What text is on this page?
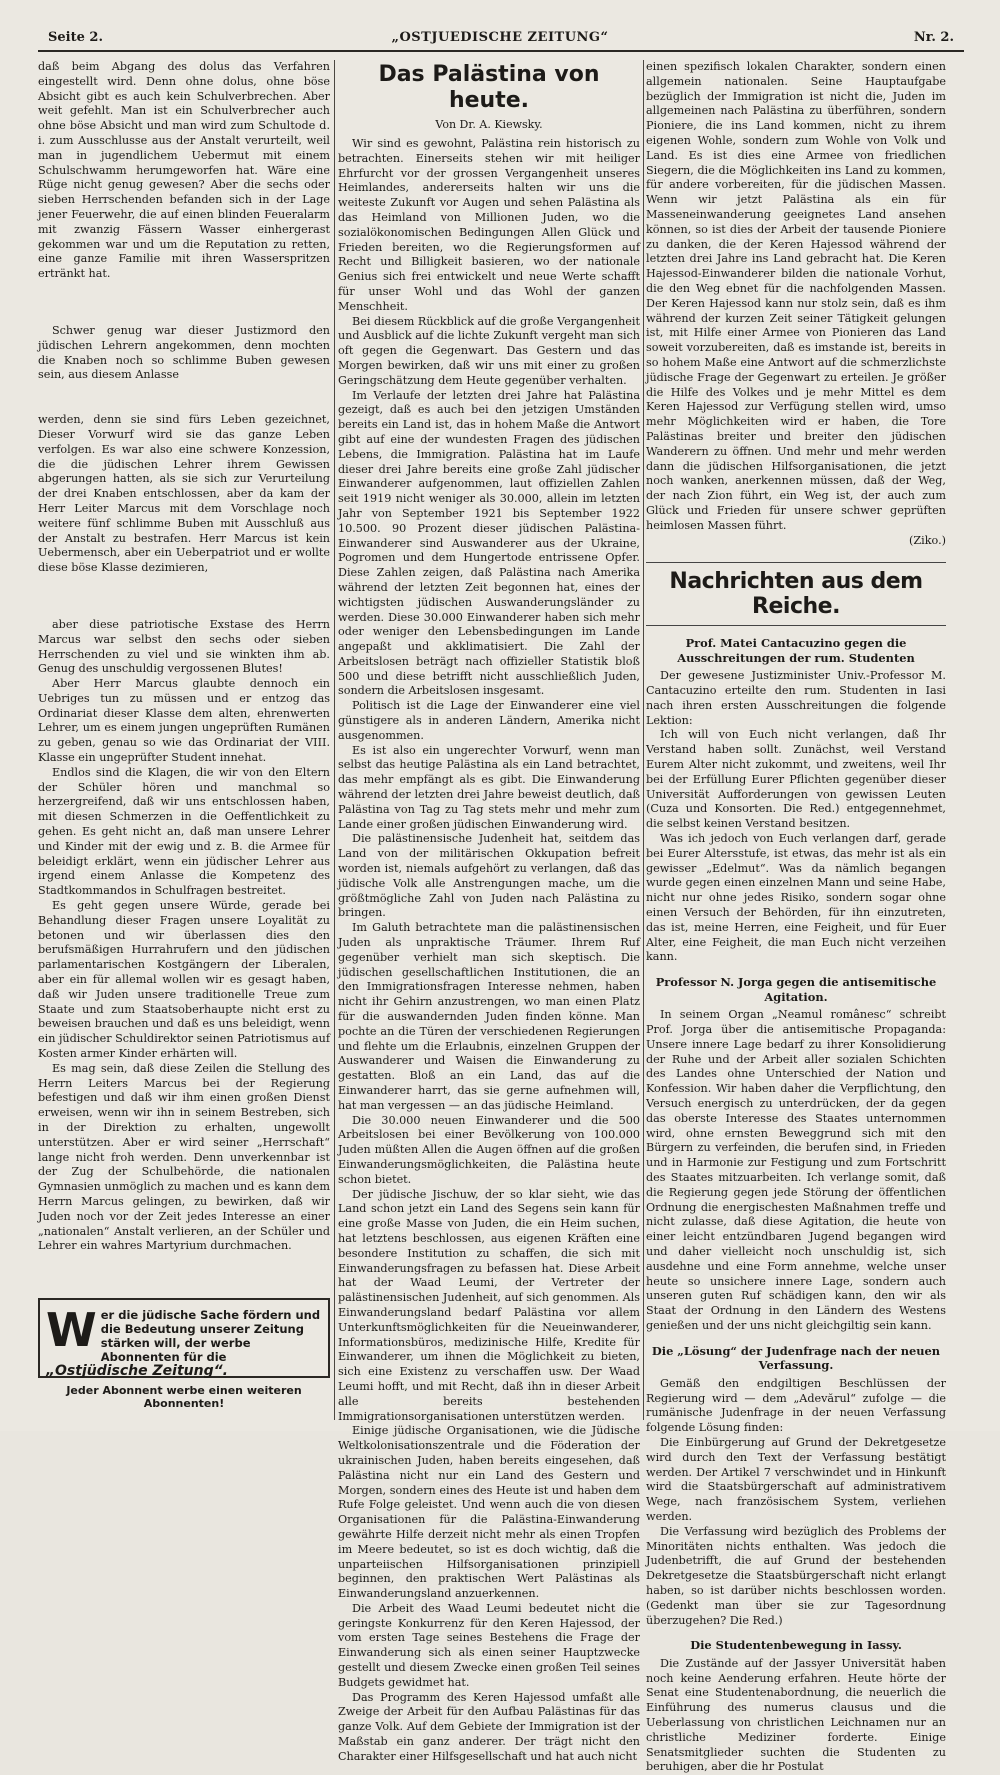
Seite 2.	„OSTJUEDISCHE ZEITUNG“	Nr. 2.

daß beim Abgang des dolus das Verfahren eingestellt wird. Denn ohne dolus, ohne böse Absicht gibt es auch kein Schulverbrechen. Aber weit gefehlt. Man ist ein Schulverbrecher auch ohne böse Absicht und man wird zum Schultode d. i. zum Ausschlusse aus der Anstalt verurteilt, weil man in jugendlichem Uebermut mit einem Schulschwamm herumgeworfen hat. Wäre eine Rüge nicht genug gewesen? Aber die sechs oder sieben Herrschenden befanden sich in der Lage jener Feuerwehr, die auf einen blinden Feueralarm mit zwanzig Fässern Wasser einhergerast gekommen war und um die Reputation zu retten, eine ganze Familie mit ihren Wasserspritzen ertränkt hat.

Schwer genug war dieser Justizmord den jüdischen Lehrern angekommen, denn mochten die Knaben noch so schlimme Buben gewesen sein, aus diesem Anlasse

werden, denn sie sind fürs Leben gezeichnet, Dieser Vorwurf wird sie das ganze Leben verfolgen. Es war also eine schwere Konzession, die die jüdischen Lehrer ihrem Gewissen abgerungen hatten, als sie sich zur Verurteilung der drei Knaben entschlossen, aber da kam der Herr Leiter Marcus mit dem Vorschlage noch weitere fünf schlimme Buben mit Ausschluß aus der Anstalt zu bestrafen. Herr Marcus ist kein Uebermensch, aber ein Ueberpatriot und er wollte diese böse Klasse dezimieren,

aber diese patriotische Exstase des Herrn Marcus war selbst den sechs oder sieben Herrschenden zu viel und sie winkten ihm ab. Genug des unschuldig vergossenen Blutes!

Aber Herr Marcus glaubte dennoch ein Uebriges tun zu müssen und er entzog das Ordinariat dieser Klasse dem alten, ehrenwerten Lehrer, um es einem jungen ungeprüften Rumänen zu geben, genau so wie das Ordinariat der VIII. Klasse ein ungeprüfter Student innehat.

Endlos sind die Klagen, die wir von den Eltern der Schüler hören und manchmal so herzergreifend, daß wir uns entschlossen haben, mit diesen Schmerzen in die Oeffentlichkeit zu gehen. Es geht nicht an, daß man unsere Lehrer und Kinder mit der ewig und z. B. die Armee für beleidigt erklärt, wenn ein jüdischer Lehrer aus irgend einem Anlasse die Kompetenz des Stadtkommandos in Schulfragen bestreitet.

Es geht gegen unsere Würde, gerade bei Behandlung dieser Fragen unsere Loyalität zu betonen und wir überlassen dies den berufsmäßigen Hurrahrufern und den jüdischen parlamentarischen Kostgängern der Liberalen, aber ein für allemal wollen wir es gesagt haben, daß wir Juden unsere traditionelle Treue zum Staate und zum Staatsoberhaupte nicht erst zu beweisen brauchen und daß es uns beleidigt, wenn ein jüdischer Schuldirektor seinen Patriotismus auf Kosten armer Kinder erhärten will.

Es mag sein, daß diese Zeilen die Stellung des Herrn Leiters Marcus bei der Regierung befestigen und daß wir ihm einen großen Dienst erweisen, wenn wir ihn in seinem Bestreben, sich in der Direktion zu erhalten, ungewollt unterstützen. Aber er wird seiner „Herrschaft“ lange nicht froh werden. Denn unverkennbar ist der Zug der Schulbehörde, die nationalen Gymnasien unmöglich zu machen und es kann dem Herrn Marcus gelingen, zu bewirken, daß wir Juden noch vor der Zeit jedes Interesse an einer „nationalen“ Anstalt verlieren, an der Schüler und Lehrer ein wahres Martyrium durchmachen.

W er die jüdische Sache fördern und die Bedeutung unserer Zeitung stärken will, der werbe Abonnenten für die „Ostjüdische Zeitung“.
Jeder Abonnent werbe einen weiteren Abonnenten!
Das Palästina von heute.
Von Dr. A. Kiewsky.

Wir sind es gewohnt, Palästina rein historisch zu betrachten. Einerseits stehen wir mit heiliger Ehrfurcht vor der grossen Vergangenheit unseres Heimlandes, andererseits halten wir uns die weiteste Zukunft vor Augen und sehen Palästina als das Heimland von Millionen Juden, wo die sozialökonomischen Bedingungen Allen Glück und Frieden bereiten, wo die Regierungsformen auf Recht und Billigkeit basieren, wo der nationale Genius sich frei entwickelt und neue Werte schafft für unser Wohl und das Wohl der ganzen Menschheit.

Bei diesem Rückblick auf die große Vergangenheit und Ausblick auf die lichte Zukunft vergeht man sich oft gegen die Gegenwart. Das Gestern und das Morgen bewirken, daß wir uns mit einer zu großen Geringschätzung dem Heute gegenüber verhalten.

Im Verlaufe der letzten drei Jahre hat Palästina gezeigt, daß es auch bei den jetzigen Umständen bereits ein Land ist, das in hohem Maße die Antwort gibt auf eine der wundesten Fragen des jüdischen Lebens, die Immigration. Palästina hat im Laufe dieser drei Jahre bereits eine große Zahl jüdischer Einwanderer aufgenommen, laut offiziellen Zahlen seit 1919 nicht weniger als 30.000, allein im letzten Jahr von September 1921 bis September 1922 10.500. 90 Prozent dieser jüdischen Palästina-Einwanderer sind Auswanderer aus der Ukraine, Pogromen und dem Hungertode entrissene Opfer. Diese Zahlen zeigen, daß Palästina nach Amerika während der letzten Zeit begonnen hat, eines der wichtigsten jüdischen Auswanderungsländer zu werden. Diese 30.000 Einwanderer haben sich mehr oder weniger den Lebensbedingungen im Lande angepaßt und akklimatisiert. Die Zahl der Arbeitslosen beträgt nach offizieller Statistik bloß 500 und diese betrifft nicht ausschließlich Juden, sondern die Arbeitslosen insgesamt.

Politisch ist die Lage der Einwanderer eine viel günstigere als in anderen Ländern, Amerika nicht ausgenommen.

Es ist also ein ungerechter Vorwurf, wenn man selbst das heutige Palästina als ein Land betrachtet, das mehr empfängt als es gibt. Die Einwanderung während der letzten drei Jahre beweist deutlich, daß Palästina von Tag zu Tag stets mehr und mehr zum Lande einer großen jüdischen Einwanderung wird.

Die palästinensische Judenheit hat, seitdem das Land von der militärischen Okkupation befreit worden ist, niemals aufgehört zu verlangen, daß das jüdische Volk alle Anstrengungen mache, um die größtmögliche Zahl von Juden nach Palästina zu bringen.

Im Galuth betrachtete man die palästinensischen Juden als unpraktische Träumer. Ihrem Ruf gegenüber verhielt man sich skeptisch. Die jüdischen gesellschaftlichen Institutionen, die an den Immigrationsfragen Interesse nehmen, haben nicht ihr Gehirn anzustrengen, wo man einen Platz für die auswandernden Juden finden könne. Man pochte an die Türen der verschiedenen Regierungen und flehte um die Erlaubnis, einzelnen Gruppen der Auswanderer und Waisen die Einwanderung zu gestatten. Bloß an ein Land, das auf die Einwanderer harrt, das sie gerne aufnehmen will, hat man vergessen — an das jüdische Heimland.

Die 30.000 neuen Einwanderer und die 500 Arbeitslosen bei einer Bevölkerung von 100.000 Juden müßten Allen die Augen öffnen auf die großen Einwanderungsmöglichkeiten, die Palästina heute schon bietet.

Der jüdische Jischuw, der so klar sieht, wie das Land schon jetzt ein Land des Segens sein kann für eine große Masse von Juden, die ein Heim suchen, hat letztens beschlossen, aus eigenen Kräften eine besondere Institution zu schaffen, die sich mit Einwanderungsfragen zu befassen hat. Diese Arbeit hat der Waad Leumi, der Vertreter der palästinensischen Judenheit, auf sich genommen. Als Einwanderungsland bedarf Palästina vor allem Unterkunftsmöglichkeiten für die Neueinwanderer, Informationsbüros, medizinische Hilfe, Kredite für Einwanderer, um ihnen die Möglichkeit zu bieten, sich eine Existenz zu verschaffen usw. Der Waad Leumi hofft, und mit Recht, daß ihn in dieser Arbeit alle bereits bestehenden Immigrationsorganisationen unterstützen werden.

Einige jüdische Organisationen, wie die Jüdische Weltkolonisationszentrale und die Föderation der ukrainischen Juden, haben bereits eingesehen, daß Palästina nicht nur ein Land des Gestern und Morgen, sondern eines des Heute ist und haben dem Rufe Folge geleistet. Und wenn auch die von diesen Organisationen für die Palästina-Einwanderung gewährte Hilfe derzeit nicht mehr als einen Tropfen im Meere bedeutet, so ist es doch wichtig, daß die unparteiischen Hilfsorganisationen prinzipiell beginnen, den praktischen Wert Palästinas als Einwanderungsland anzuerkennen.

Die Arbeit des Waad Leumi bedeutet nicht die geringste Konkurrenz für den Keren Hajessod, der vom ersten Tage seines Bestehens die Frage der Einwanderung sich als einen seiner Hauptzwecke gestellt und diesem Zwecke einen großen Teil seines Budgets gewidmet hat.

Das Programm des Keren Hajessod umfaßt alle Zweige der Arbeit für den Aufbau Palästinas für das ganze Volk. Auf dem Gebiete der Immigration ist der Maßstab ein ganz anderer. Der trägt nicht den Charakter einer Hilfsgesellschaft und hat auch nicht

einen spezifisch lokalen Charakter, sondern einen allgemein nationalen. Seine Hauptaufgabe bezüglich der Immigration ist nicht die, Juden im allgemeinen nach Palästina zu überführen, sondern Pioniere, die ins Land kommen, nicht zu ihrem eigenen Wohle, sondern zum Wohle von Volk und Land. Es ist dies eine Armee von friedlichen Siegern, die die Möglichkeiten ins Land zu kommen, für andere vorbereiten, für die jüdischen Massen. Wenn wir jetzt Palästina als ein für Masseneinwanderung geeignetes Land ansehen können, so ist dies der Arbeit der tausende Pioniere zu danken, die der Keren Hajessod während der letzten drei Jahre ins Land gebracht hat. Die Keren Hajessod-Einwanderer bilden die nationale Vorhut, die den Weg ebnet für die nachfolgenden Massen. Der Keren Hajessod kann nur stolz sein, daß es ihm während der kurzen Zeit seiner Tätigkeit gelungen ist, mit Hilfe einer Armee von Pionieren das Land soweit vorzubereiten, daß es imstande ist, bereits in so hohem Maße eine Antwort auf die schmerzlichste jüdische Frage der Gegenwart zu erteilen. Je größer die Hilfe des Volkes und je mehr Mittel es dem Keren Hajessod zur Verfügung stellen wird, umso mehr Möglichkeiten wird er haben, die Tore Palästinas breiter und breiter den jüdischen Wanderern zu öffnen. Und mehr und mehr werden dann die jüdischen Hilfsorganisationen, die jetzt noch wanken, anerkennen müssen, daß der Weg, der nach Zion führt, ein Weg ist, der auch zum Glück und Frieden für unsere schwer geprüften heimlosen Massen führt.

(Ziko.)

Nachrichten aus dem Reiche.
Prof. Matei Cantacuzino gegen die Ausschreitungen der rum. Studenten

Der gewesene Justizminister Univ.-Professor M. Cantacuzino erteilte den rum. Studenten in Iasi nach ihren ersten Ausschreitungen die folgende Lektion:

Ich will von Euch nicht verlangen, daß Ihr Verstand haben sollt. Zunächst, weil Verstand Eurem Alter nicht zukommt, und zweitens, weil Ihr bei der Erfüllung Eurer Pflichten gegenüber dieser Universität Aufforderungen von gewissen Leuten (Cuza und Konsorten. Die Red.) entgegennehmet, die selbst keinen Verstand besitzen.

Was ich jedoch von Euch verlangen darf, gerade bei Eurer Altersstufe, ist etwas, das mehr ist als ein gewisser „Edelmut“. Was da nämlich begangen wurde gegen einen einzelnen Mann und seine Habe, nicht nur ohne jedes Risiko, sondern sogar ohne einen Versuch der Behörden, für ihn einzutreten, das ist, meine Herren, eine Feigheit, und für Euer Alter, eine Feigheit, die man Euch nicht verzeihen kann.

Professor N. Jorga gegen die antisemitische Agitation.

In seinem Organ „Neamul românesc“ schreibt Prof. Jorga über die antisemitische Propaganda: Unsere innere Lage bedarf zu ihrer Konsolidierung der Ruhe und der Arbeit aller sozialen Schichten des Landes ohne Unterschied der Nation und Konfession. Wir haben daher die Verpflichtung, den Versuch energisch zu unterdrücken, der da gegen das oberste Interesse des Staates unternommen wird, ohne ernsten Beweggrund sich mit den Bürgern zu verfeinden, die berufen sind, in Frieden und in Harmonie zur Festigung und zum Fortschritt des Staates mitzuarbeiten. Ich verlange somit, daß die Regierung gegen jede Störung der öffentlichen Ordnung die energischesten Maßnahmen treffe und nicht zulasse, daß diese Agitation, die heute von einer leicht entzündbaren Jugend begangen wird und daher vielleicht noch unschuldig ist, sich ausdehne und eine Form annehme, welche unser heute so unsichere innere Lage, sondern auch unseren guten Ruf schädigen kann, den wir als Staat der Ordnung in den Ländern des Westens genießen und der uns nicht gleichgiltig sein kann.

Die „Lösung“ der Judenfrage nach der neuen Verfassung.

Gemäß den endgiltigen Beschlüssen der Regierung wird — dem „Adevărul“ zufolge — die rumänische Judenfrage in der neuen Verfassung folgende Lösung finden:

Die Einbürgerung auf Grund der Dekretgesetze wird durch den Text der Verfassung bestätigt werden. Der Artikel 7 verschwindet und in Hinkunft wird die Staatsbürgerschaft auf administrativem Wege, nach französischem System, verliehen werden.

Die Verfassung wird bezüglich des Problems der Minoritäten nichts enthalten. Was jedoch die Judenbetrifft, die auf Grund der bestehenden Dekretgesetze die Staatsbürgerschaft nicht erlangt haben, so ist darüber nichts beschlossen worden. (Gedenkt man über sie zur Tagesordnung überzugehen? Die Red.)

Die Studentenbewegung in Iassy.

Die Zustände auf der Jassyer Universität haben noch keine Aenderung erfahren. Heute hörte der Senat eine Studentenabordnung, die neuerlich die Einführung des numerus clausus und die Ueberlassung von christlichen Leichnamen nur an christliche Mediziner forderte. Einige Senatsmitglieder suchten die Studenten zu beruhigen, aber die hr Postulat
